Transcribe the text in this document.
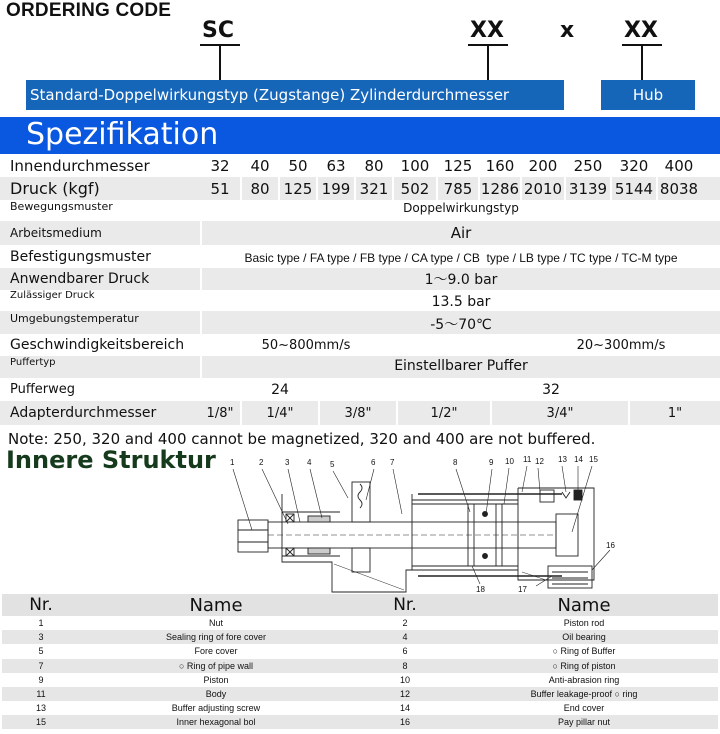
ORDERING CODE
SC	XX	x XX
Standard-Doppelwirkungstyp (Zugstange) Zylinderdurchmesser	Hub
Spezifikation
Innendurchmesser	32	40	50	63	80	100 125 160 200	250	320	400
Druck (kgf)	51	80 125 199 321 502 785 1286 2010 3139 5144 8038
Bewegungsmuster	Doppelwirkungstyp
Arbeitsmedium	Air
Befestigungsmuster	Basic type / FA type / FB type / CA type / CB  type / LB type / TC type / TC-M type
Anwendbarer Druck	1～9.0 bar
Zulässiger Druck	13.5 bar
Umgebungstemperatur	-5～70℃
Geschwindigkeitsbereich	50~800mm/s	20~300mm/s
Puffertyp	Einstellbarer Puffer
Pufferweg	24	32
Adapterdurchmesser	1/8"	1/4"	3/8"	1/2"	3/4"	1"
Note: 250, 320 and 400 cannot be magnetized, 320 and 400 are not buffered.
Innere Struktur 1	2	3 4 5	6 7	8	9 10 11 12 13 14 15
16
17
18
Nr.	Name	Nr.	Name
1	Nut	2	Piston rod
3	Sealing ring of fore cover	4	Oil bearing
5	Fore cover	6	○ Ring of Buffer
7	○ Ring of pipe wall	8	○ Ring of piston
9	Piston	10	Anti-abrasion ring
11	Body	12	Buffer leakage-proof ○ ring
13	Buffer adjusting screw	14	End cover
15	Inner hexagonal bol	16	Pay pillar nut
